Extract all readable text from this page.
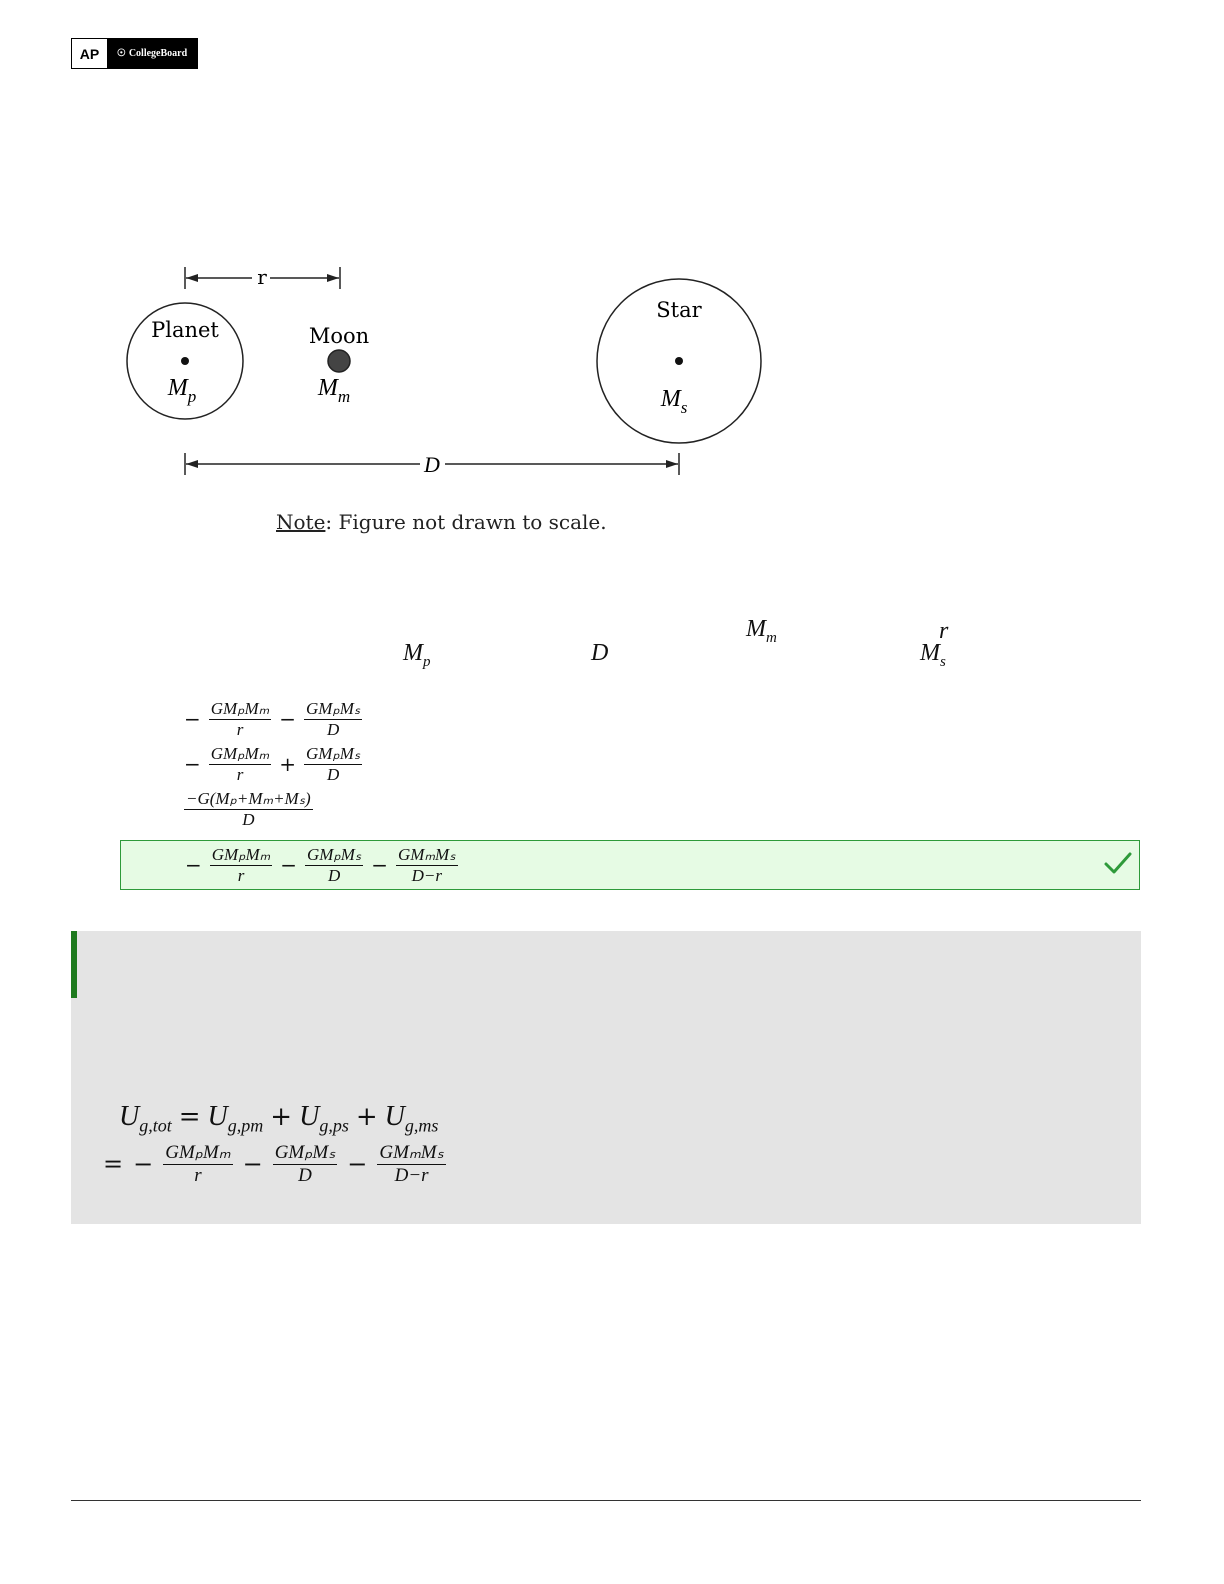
AP	☉ CollegeBoard
r
Planet
$M_p$
Moon
$M_m$
Star
$M_s$
D
Note: Figure not drawn to scale.
$M_m$	r
$M_p$	D	$M_s$
− $\frac{\text{GMₚMₘ}}{r} - \frac{\text{GMₚMₛ}}{D}$
− $\frac{\text{GMₚMₘ}}{r} + \frac{\text{GMₚMₛ}}{D}$
$\frac{\text{−G(Mₚ+Mₘ+Mₛ)}}{D}$
− $\frac{\text{GMₚMₘ}}{r} - \frac{\text{GMₚMₛ}}{D} - \frac{\text{GMₘMₛ}}{D-r}$
$U_{g,tot} = U_{g,pm} + U_{g,ps} + U_{g,ms}$
= − $\frac{\text{GMₚMₘ}}{r} - \frac{\text{GMₚMₛ}}{D} - \frac{\text{GMₘMₛ}}{D-r}$
